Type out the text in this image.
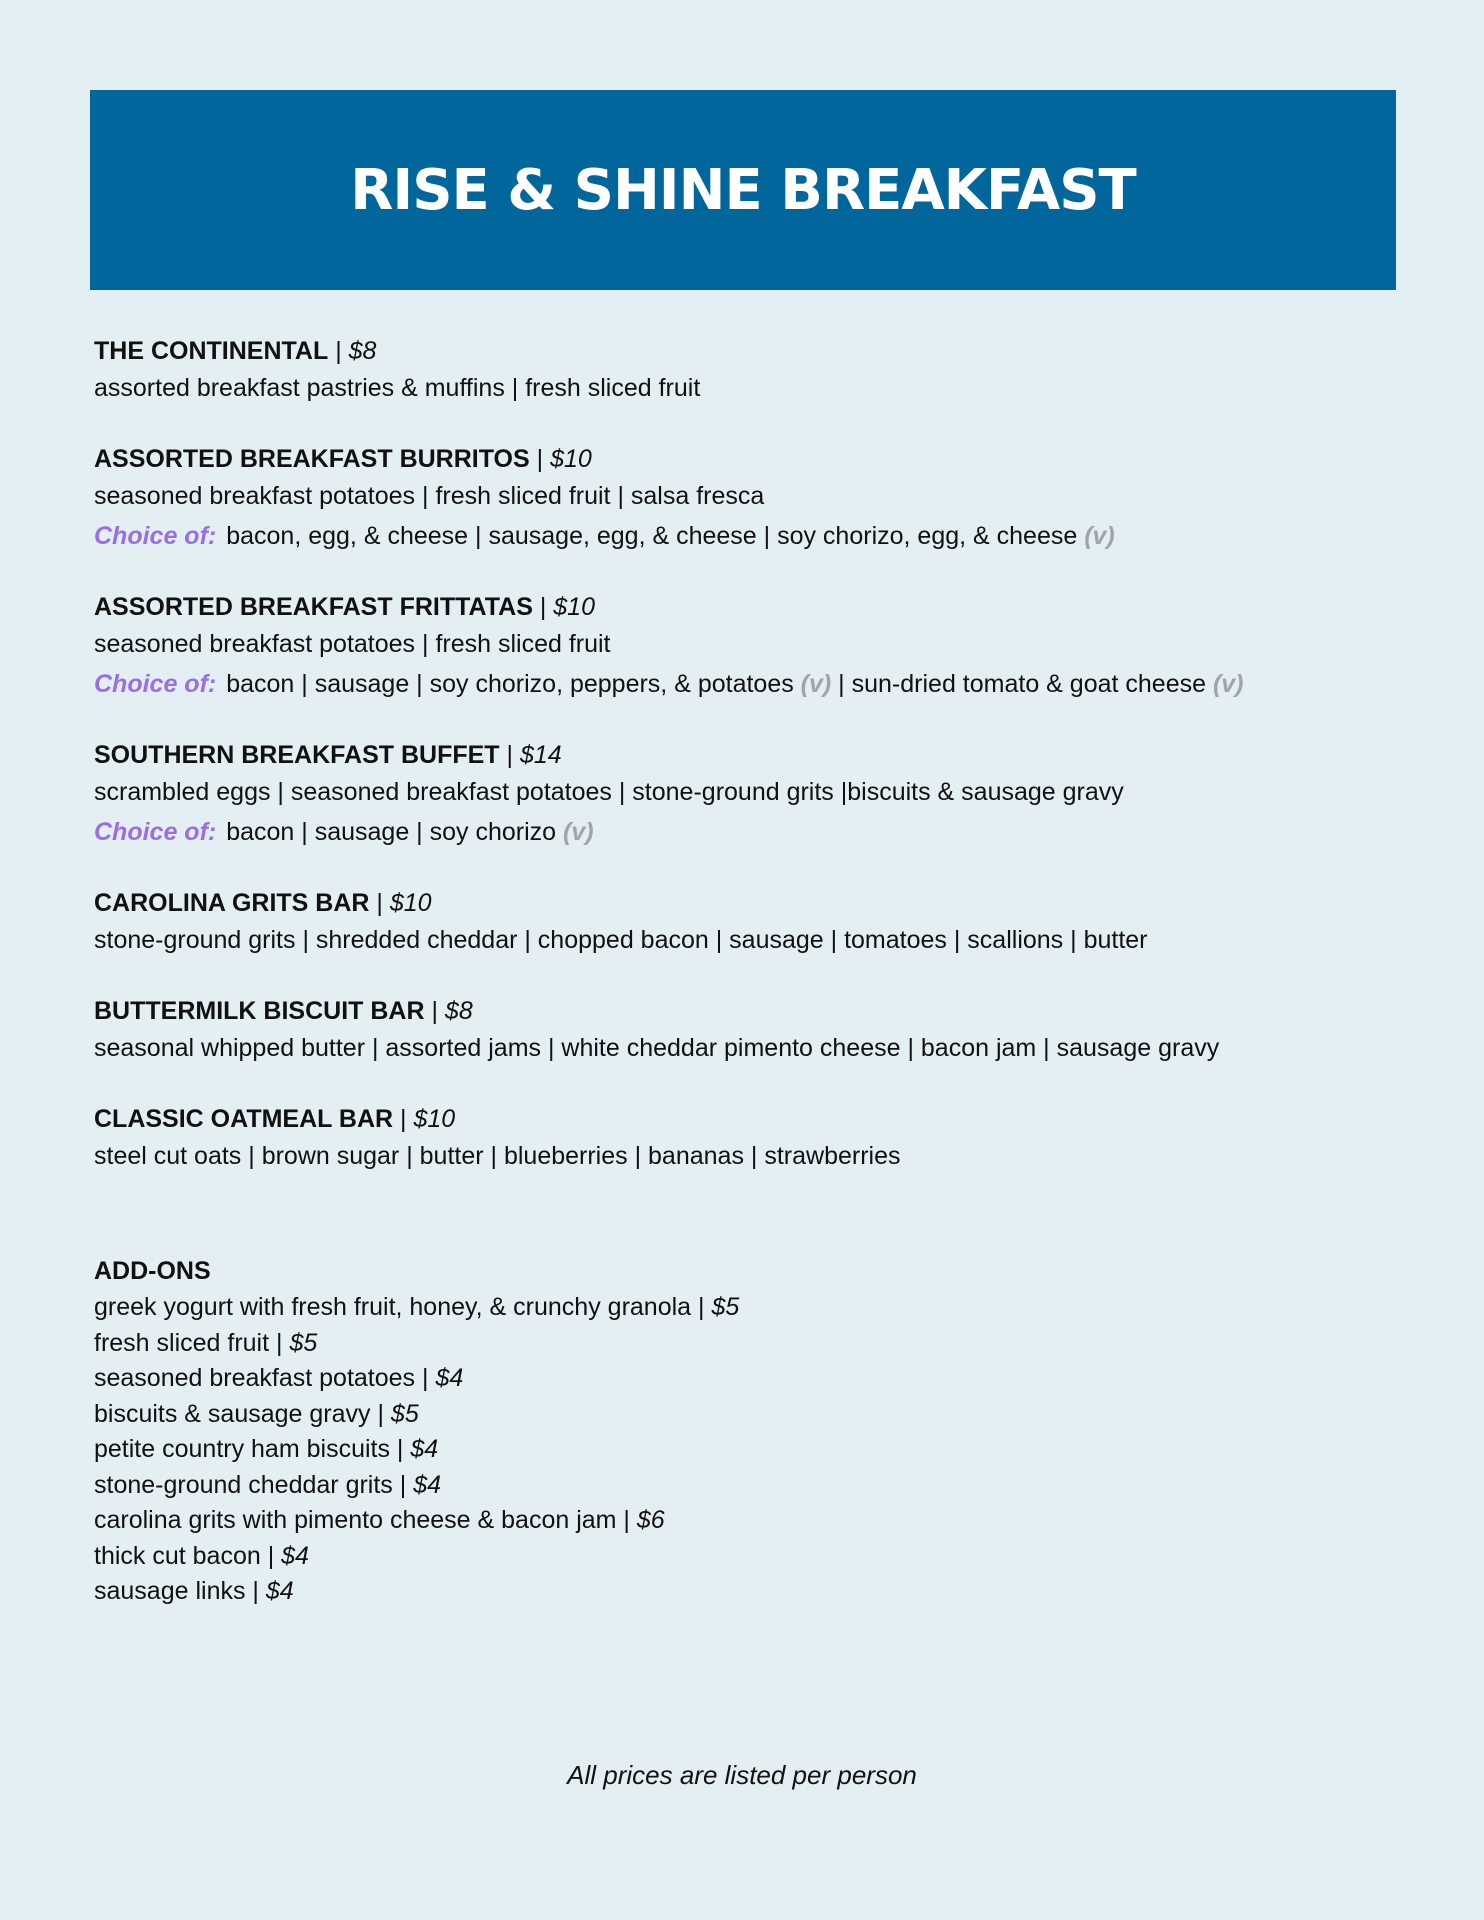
RISE & SHINE BREAKFAST
THE CONTINENTAL | $8
assorted breakfast pastries & muffins | fresh sliced fruit
ASSORTED BREAKFAST BURRITOS | $10
seasoned breakfast potatoes | fresh sliced fruit | salsa fresca
Choice of: bacon, egg, & cheese | sausage, egg, & cheese | soy chorizo, egg, & cheese (v)
ASSORTED BREAKFAST FRITTATAS | $10
seasoned breakfast potatoes | fresh sliced fruit
Choice of: bacon | sausage | soy chorizo, peppers, & potatoes (v) | sun-dried tomato & goat cheese (v)
SOUTHERN BREAKFAST BUFFET | $14
scrambled eggs | seasoned breakfast potatoes | stone-ground grits |biscuits & sausage gravy
Choice of: bacon | sausage | soy chorizo (v)
CAROLINA GRITS BAR | $10
stone-ground grits | shredded cheddar | chopped bacon | sausage | tomatoes | scallions | butter
BUTTERMILK BISCUIT BAR | $8
seasonal whipped butter | assorted jams | white cheddar pimento cheese | bacon jam | sausage gravy
CLASSIC OATMEAL BAR | $10
steel cut oats | brown sugar | butter | blueberries | bananas | strawberries
ADD-ONS
greek yogurt with fresh fruit, honey, & crunchy granola | $5
fresh sliced fruit | $5
seasoned breakfast potatoes | $4
biscuits & sausage gravy | $5
petite country ham biscuits | $4
stone-ground cheddar grits | $4
carolina grits with pimento cheese & bacon jam | $6
thick cut bacon | $4
sausage links | $4
All prices are listed per person
